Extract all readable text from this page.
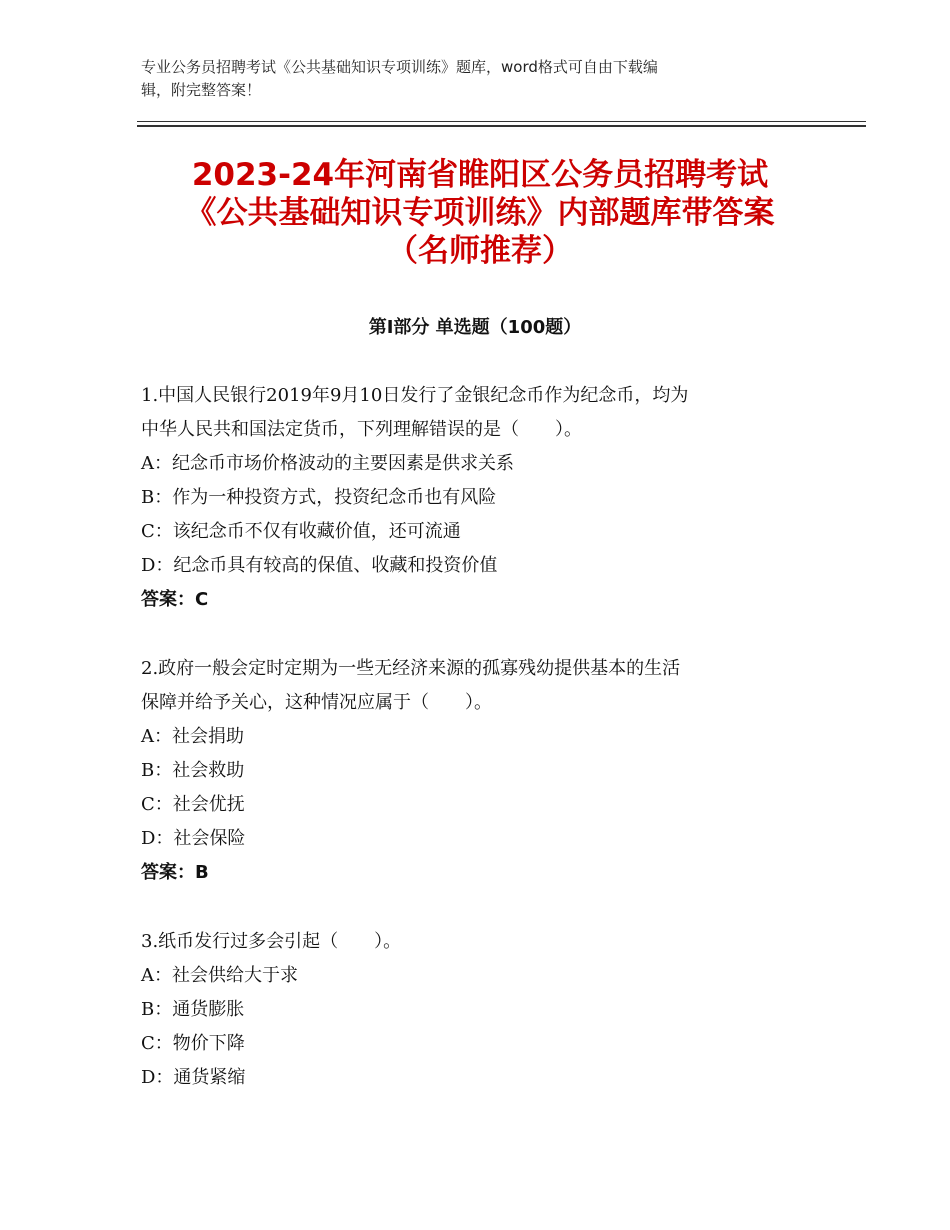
专业公务员招聘考试《公共基础知识专项训练》题库，word格式可自由下载编
辑，附完整答案！
2023-24年河南省睢阳区公务员招聘考试
《公共基础知识专项训练》内部题库带答案
（名师推荐）
第Ⅰ部分 单选题（100题）
1.中国人民银行2019年9月10日发行了金银纪念币作为纪念币，均为
中华人民共和国法定货币，下列理解错误的是（　　）。
A：纪念币市场价格波动的主要因素是供求关系
B：作为一种投资方式，投资纪念币也有风险
C：该纪念币不仅有收藏价值，还可流通
D：纪念币具有较高的保值、收藏和投资价值
答案：C
2.政府一般会定时定期为一些无经济来源的孤寡残幼提供基本的生活
保障并给予关心，这种情况应属于（　　）。
A：社会捐助
B：社会救助
C：社会优抚
D：社会保险
答案：B
3.纸币发行过多会引起（　　）。
A：社会供给大于求
B：通货膨胀
C：物价下降
D：通货紧缩
